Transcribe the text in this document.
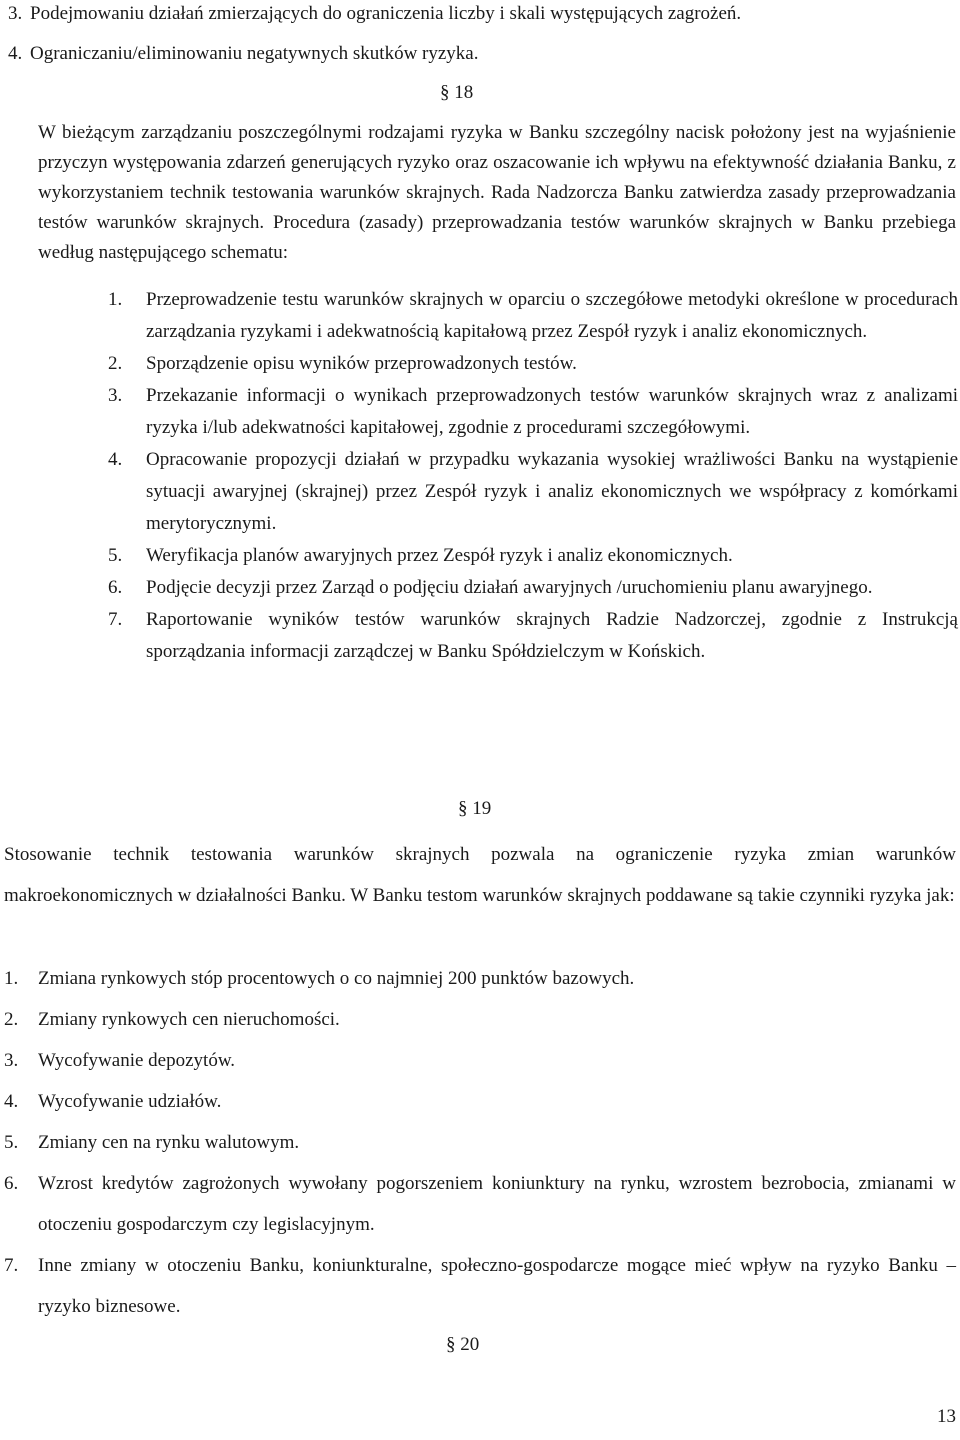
3. Podejmowaniu działań zmierzających do ograniczenia liczby i skali występujących zagrożeń.
4. Ograniczaniu/eliminowaniu negatywnych skutków ryzyka.
§ 18
W bieżącym zarządzaniu poszczególnymi rodzajami ryzyka w Banku szczególny nacisk położony jest na wyjaśnienie przyczyn występowania zdarzeń generujących ryzyko oraz oszacowanie ich wpływu na efektywność działania Banku, z wykorzystaniem technik testowania warunków skrajnych. Rada Nadzorcza Banku zatwierdza zasady przeprowadzania testów warunków skrajnych. Procedura (zasady) przeprowadzania testów warunków skrajnych w Banku przebiega według następującego schematu:
1. Przeprowadzenie testu warunków skrajnych w oparciu o szczegółowe metodyki określone w procedurach zarządzania ryzykami i adekwatnością kapitałową przez Zespół ryzyk i analiz ekonomicznych.
2. Sporządzenie opisu wyników przeprowadzonych testów.
3. Przekazanie informacji o wynikach przeprowadzonych testów warunków skrajnych wraz z analizami ryzyka i/lub adekwatności kapitałowej, zgodnie z procedurami szczegółowymi.
4. Opracowanie propozycji działań w przypadku wykazania wysokiej wrażliwości Banku na wystąpienie sytuacji awaryjnej (skrajnej) przez Zespół ryzyk i analiz ekonomicznych we współpracy z komórkami merytorycznymi.
5. Weryfikacja planów awaryjnych przez Zespół ryzyk i analiz ekonomicznych.
6. Podjęcie decyzji przez Zarząd o podjęciu działań awaryjnych /uruchomieniu planu awaryjnego.
7. Raportowanie wyników testów warunków skrajnych Radzie Nadzorczej, zgodnie z Instrukcją sporządzania informacji zarządczej w Banku Spółdzielczym w Końskich.
§ 19
Stosowanie technik testowania warunków skrajnych pozwala na ograniczenie ryzyka zmian warunków makroekonomicznych w działalności Banku. W Banku testom warunków skrajnych poddawane są takie czynniki ryzyka jak:
1. Zmiana rynkowych stóp procentowych o co najmniej 200 punktów bazowych.
2. Zmiany rynkowych cen nieruchomości.
3. Wycofywanie depozytów.
4. Wycofywanie udziałów.
5. Zmiany cen na rynku walutowym.
6. Wzrost kredytów zagrożonych wywołany pogorszeniem koniunktury na rynku, wzrostem bezrobocia, zmianami w otoczeniu gospodarczym czy legislacyjnym.
7. Inne zmiany w otoczeniu Banku, koniunkturalne, społeczno-gospodarcze mogące mieć wpływ na ryzyko Banku – ryzyko biznesowe.
§ 20
13
